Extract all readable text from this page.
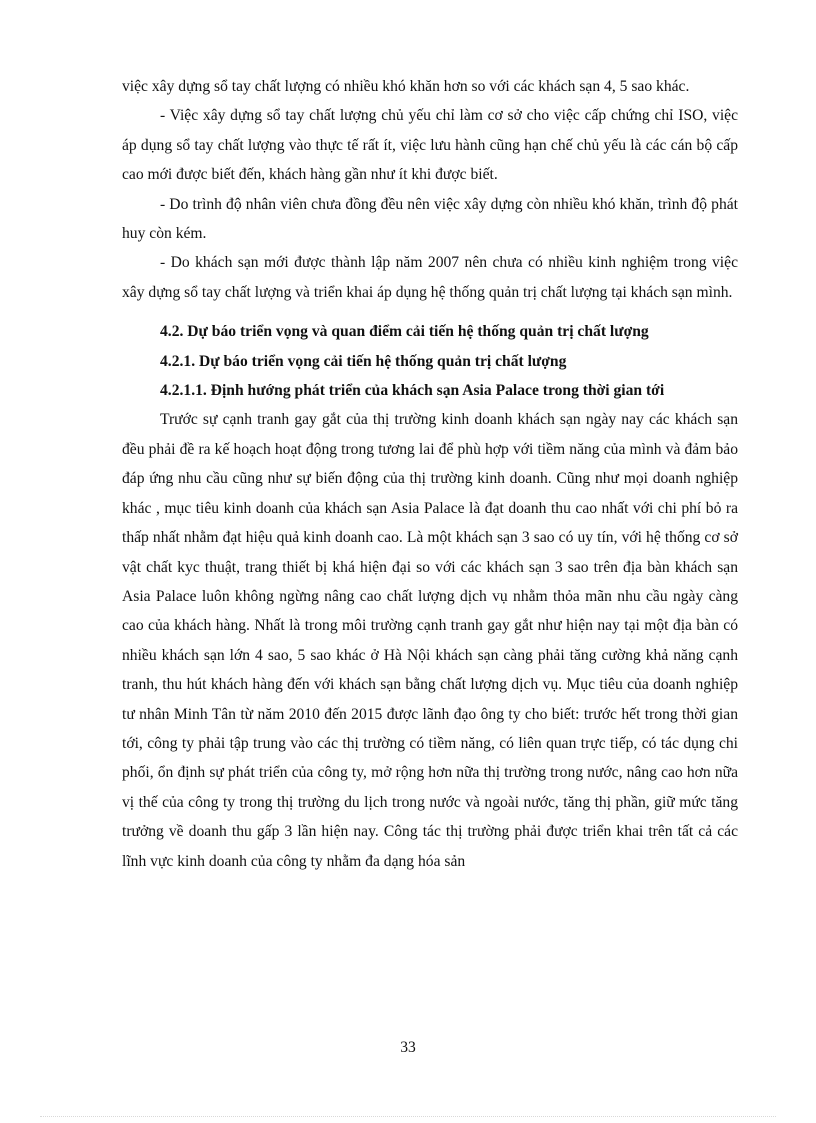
việc xây dựng sổ tay chất lượng có nhiều khó khăn hơn so với các khách sạn 4, 5 sao khác.

- Việc xây dựng sổ tay chất lượng chủ yếu chỉ làm cơ sở cho việc cấp chứng chỉ ISO, việc áp dụng sổ tay chất lượng vào thực tế rất ít, việc lưu hành cũng hạn chế chủ yếu là các cán bộ cấp cao mới được biết đến, khách hàng gần như ít khi được biết.

- Do trình độ nhân viên chưa đồng đều nên việc xây dựng còn nhiều khó khăn, trình độ phát huy còn kém.

- Do khách sạn mới được thành lập năm 2007 nên chưa có nhiều kinh nghiệm trong việc xây dựng sổ tay chất lượng và triển khai áp dụng hệ thống quản trị chất lượng tại khách sạn mình.

4.2. Dự báo triển vọng và quan điểm cải tiến hệ thống quản trị chất lượng

4.2.1. Dự báo triển vọng cải tiến hệ thống quản trị chất lượng

4.2.1.1. Định hướng phát triển của khách sạn Asia Palace trong thời gian tới

Trước sự cạnh tranh gay gắt của thị trường kinh doanh khách sạn ngày nay các khách sạn đều phải đề ra kế hoạch hoạt động trong tương lai để phù hợp với tiềm năng của mình và đảm bảo đáp ứng nhu cầu cũng như sự biến động của thị trường kinh doanh. Cũng như mọi doanh nghiệp khác , mục tiêu kinh doanh của khách sạn Asia Palace là đạt doanh thu cao nhất với chi phí bỏ ra thấp nhất nhằm đạt hiệu quả kinh doanh cao. Là một khách sạn 3 sao có uy tín, với hệ thống cơ sở vật chất kyc thuật, trang thiết bị khá hiện đại so với các khách sạn 3 sao trên địa bàn khách sạn Asia Palace luôn không ngừng nâng cao chất lượng dịch vụ nhằm thỏa mãn nhu cầu ngày càng cao của khách hàng. Nhất là trong môi trường cạnh tranh gay gắt như hiện nay tại một địa bàn có nhiều khách sạn lớn 4 sao, 5 sao khác ở Hà Nội khách sạn càng phải tăng cường khả năng cạnh tranh, thu hút khách hàng đến với khách sạn bằng chất lượng dịch vụ. Mục tiêu của doanh nghiệp tư nhân Minh Tân từ năm 2010 đến 2015 được lãnh đạo ông ty cho biết: trước hết trong thời gian tới, công ty phải tập trung vào các thị trường có tiềm năng, có liên quan trực tiếp, có tác dụng chi phối, ổn định sự phát triển của công ty, mở rộng hơn nữa thị trường trong nước, nâng cao hơn nữa vị thế của công ty trong thị trường du lịch trong nước và ngoài nước, tăng thị phần, giữ mức tăng trưởng về doanh thu gấp 3 lần hiện nay. Công tác thị trường phải được triển khai trên tất cả các lĩnh vực kinh doanh của công ty nhằm đa dạng hóa sản

33
